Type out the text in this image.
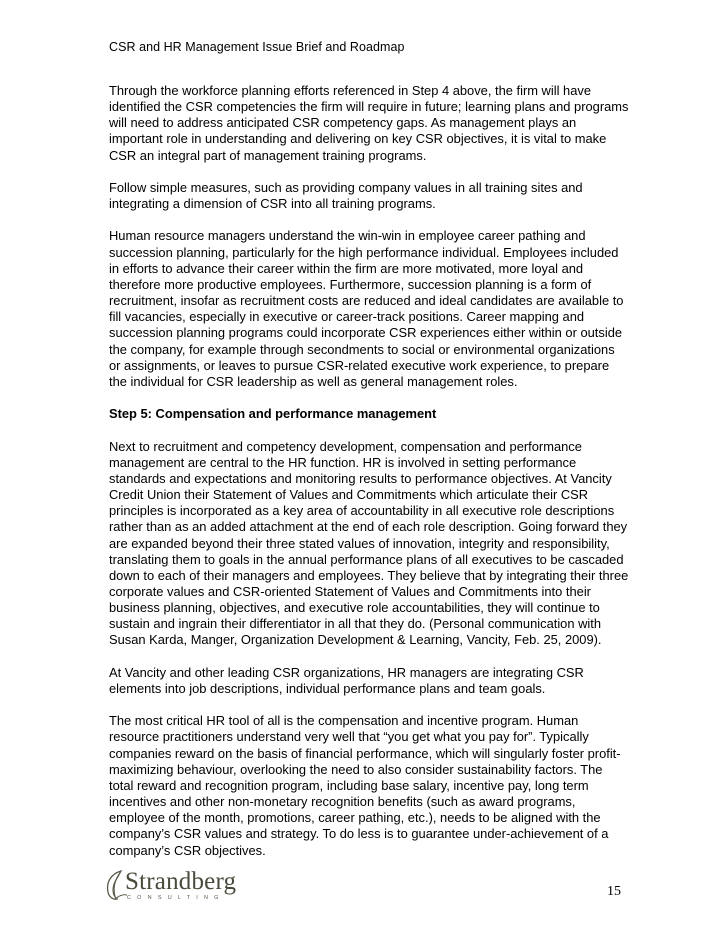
CSR and HR Management Issue Brief and Roadmap

Through the workforce planning efforts referenced in Step 4 above, the firm will have identified the CSR competencies the firm will require in future; learning plans and programs will need to address anticipated CSR competency gaps. As management plays an important role in understanding and delivering on key CSR objectives, it is vital to make CSR an integral part of management training programs.

Follow simple measures, such as providing company values in all training sites and integrating a dimension of CSR into all training programs.

Human resource managers understand the win-win in employee career pathing and succession planning, particularly for the high performance individual. Employees included in efforts to advance their career within the firm are more motivated, more loyal and therefore more productive employees. Furthermore, succession planning is a form of recruitment, insofar as recruitment costs are reduced and ideal candidates are available to fill vacancies, especially in executive or career-track positions. Career mapping and succession planning programs could incorporate CSR experiences either within or outside the company, for example through secondments to social or environmental organizations or assignments, or leaves to pursue CSR-related executive work experience, to prepare the individual for CSR leadership as well as general management roles.

Step 5: Compensation and performance management

Next to recruitment and competency development, compensation and performance management are central to the HR function. HR is involved in setting performance standards and expectations and monitoring results to performance objectives. At Vancity Credit Union their Statement of Values and Commitments which articulate their CSR principles is incorporated as a key area of accountability in all executive role descriptions rather than as an added attachment at the end of each role description. Going forward they are expanded beyond their three stated values of innovation, integrity and responsibility, translating them to goals in the annual performance plans of all executives to be cascaded down to each of their managers and employees. They believe that by integrating their three corporate values and CSR-oriented Statement of Values and Commitments into their business planning, objectives, and executive role accountabilities, they will continue to sustain and ingrain their differentiator in all that they do. (Personal communication with Susan Karda, Manger, Organization Development & Learning, Vancity, Feb. 25, 2009).

At Vancity and other leading CSR organizations, HR managers are integrating CSR elements into job descriptions, individual performance plans and team goals.

The most critical HR tool of all is the compensation and incentive program. Human resource practitioners understand very well that “you get what you pay for”. Typically companies reward on the basis of financial performance, which will singularly foster profit-maximizing behaviour, overlooking the need to also consider sustainability factors. The total reward and recognition program, including base salary, incentive pay, long term incentives and other non-monetary recognition benefits (such as award programs, employee of the month, promotions, career pathing, etc.), needs to be aligned with the company’s CSR values and strategy. To do less is to guarantee under-achievement of a company’s CSR objectives.

Strandberg
CONSULTING	15
